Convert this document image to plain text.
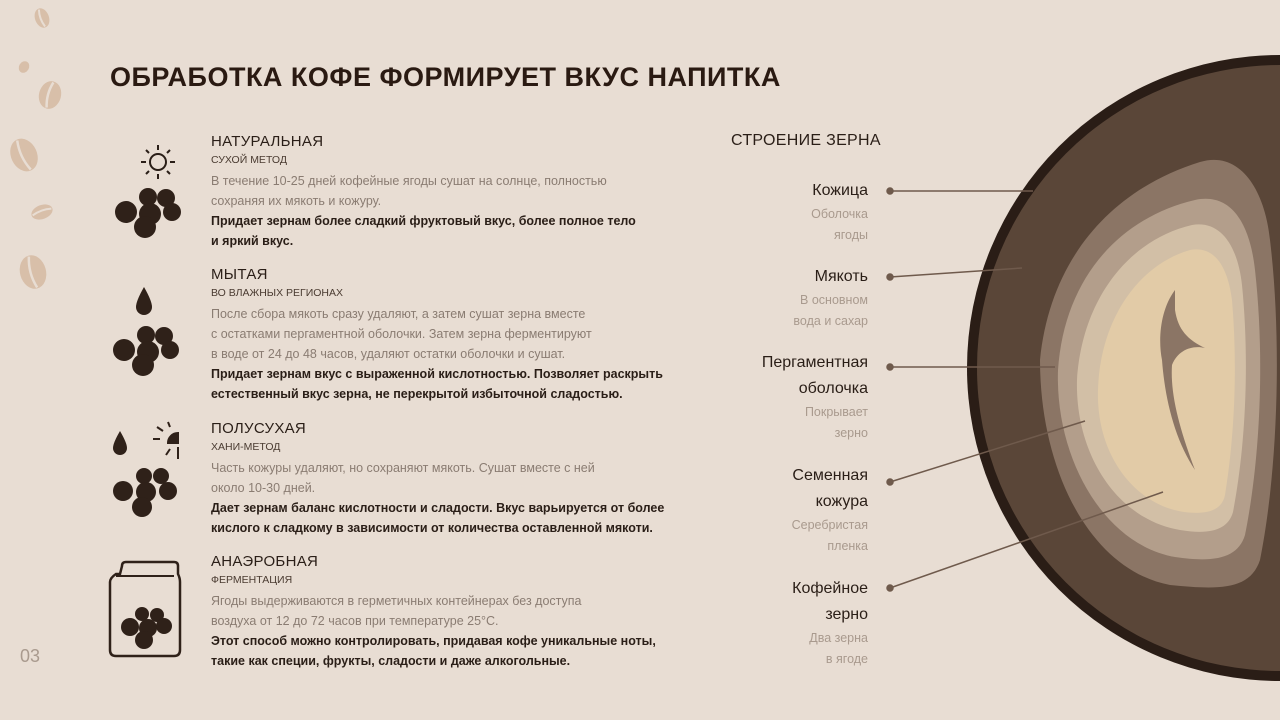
ОБРАБОТКА КОФЕ ФОРМИРУЕТ ВКУС НАПИТКА
НАТУРАЛЬНАЯ
СУХОЙ МЕТОД
В течение 10-25 дней кофейные ягоды сушат на солнце, полностью
сохраняя их мякоть и кожуру.
Придает зернам более сладкий фруктовый вкус, более полное тело
и яркий вкус.
МЫТАЯ
ВО ВЛАЖНЫХ РЕГИОНАХ
После сбора мякоть сразу удаляют, а затем сушат зерна вместе
с остатками пергаментной оболочки. Затем зерна ферментируют
в воде от 24 до 48 часов, удаляют остатки оболочки и сушат.
Придает зернам вкус с выраженной кислотностью. Позволяет раскрыть
естественный вкус зерна, не перекрытой избыточной сладостью.
ПОЛУСУХАЯ
ХАНИ-МЕТОД
Часть кожуры удаляют, но сохраняют мякоть. Сушат вместе с ней
около 10-30 дней.
Дает зернам баланс кислотности и сладости. Вкус варьируется от более
кислого к сладкому в зависимости от количества оставленной мякоти.
АНАЭРОБНАЯ
ФЕРМЕНТАЦИЯ
Ягоды выдерживаются в герметичных контейнерах без доступа
воздуха от 12 до 72 часов при температуре 25°С.
Этот способ можно контролировать, придавая кофе уникальные ноты,
такие как специи, фрукты, сладости и даже алкогольные.
СТРОЕНИЕ ЗЕРНА
Кожица
Оболочка
ягоды
Мякоть
В основном
вода и сахар
Пергаментная
оболочка
Покрывает
зерно
Семенная
кожура
Серебристая
пленка
Кофейное
зерно
Два зерна
в ягоде
03
